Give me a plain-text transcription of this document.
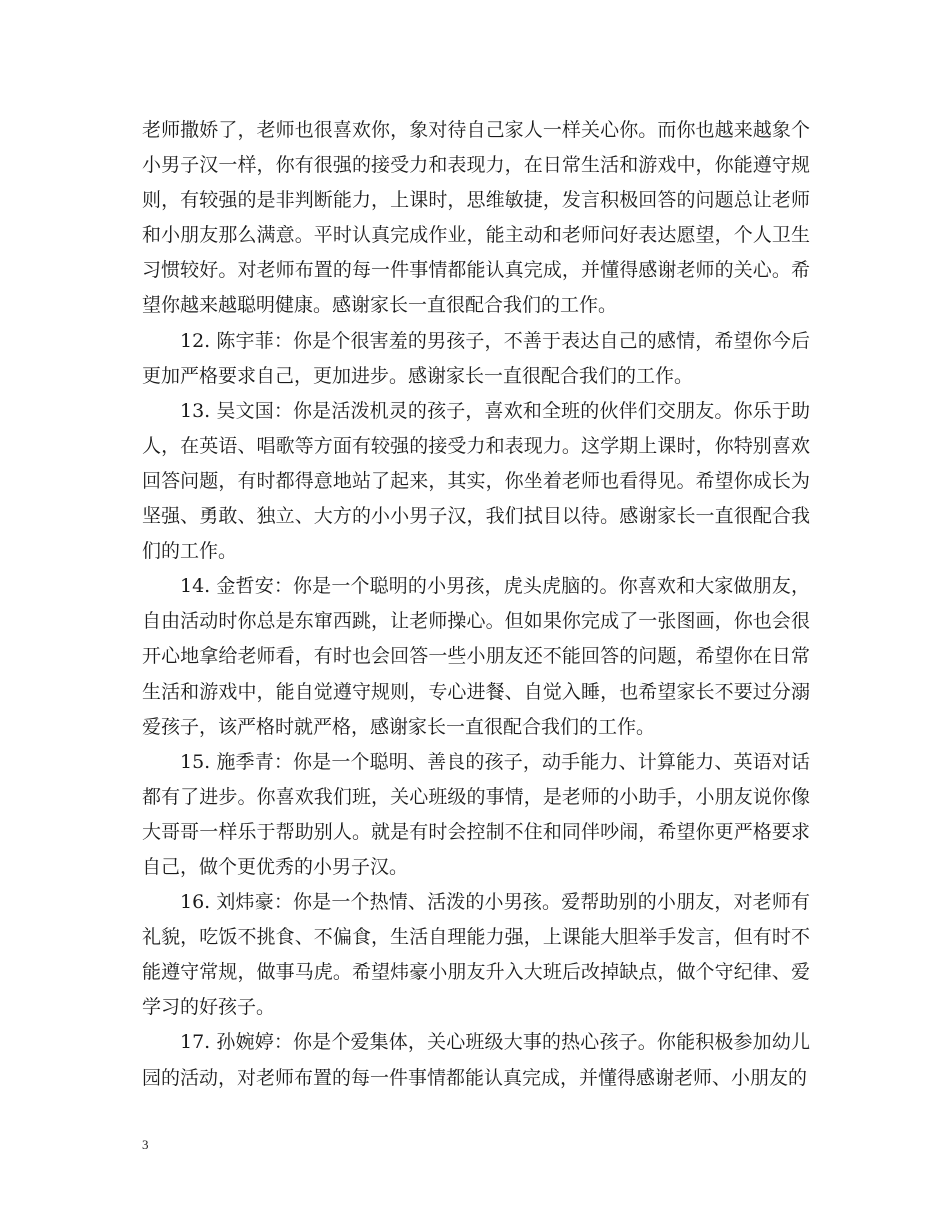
老师撒娇了，老师也很喜欢你，象对待自己家人一样关心你。而你也越来越象个小男子汉一样，你有很强的接受力和表现力，在日常生活和游戏中，你能遵守规则，有较强的是非判断能力，上课时，思维敏捷，发言积极回答的问题总让老师和小朋友那么满意。平时认真完成作业，能主动和老师问好表达愿望，个人卫生习惯较好。对老师布置的每一件事情都能认真完成，并懂得感谢老师的关心。希望你越来越聪明健康。感谢家长一直很配合我们的工作。

12. 陈宇菲：你是个很害羞的男孩子，不善于表达自己的感情，希望你今后更加严格要求自己，更加进步。感谢家长一直很配合我们的工作。

13. 吴文国：你是活泼机灵的孩子，喜欢和全班的伙伴们交朋友。你乐于助人，在英语、唱歌等方面有较强的接受力和表现力。这学期上课时，你特别喜欢回答问题，有时都得意地站了起来，其实，你坐着老师也看得见。希望你成长为坚强、勇敢、独立、大方的小小男子汉，我们拭目以待。感谢家长一直很配合我们的工作。

14. 金哲安：你是一个聪明的小男孩，虎头虎脑的。你喜欢和大家做朋友，自由活动时你总是东窜西跳，让老师操心。但如果你完成了一张图画，你也会很开心地拿给老师看，有时也会回答一些小朋友还不能回答的问题，希望你在日常生活和游戏中，能自觉遵守规则，专心进餐、自觉入睡，也希望家长不要过分溺爱孩子，该严格时就严格，感谢家长一直很配合我们的工作。

15. 施季青：你是一个聪明、善良的孩子，动手能力、计算能力、英语对话都有了进步。你喜欢我们班，关心班级的事情，是老师的小助手，小朋友说你像大哥哥一样乐于帮助别人。就是有时会控制不住和同伴吵闹，希望你更严格要求自己，做个更优秀的小男子汉。

16. 刘炜豪：你是一个热情、活泼的小男孩。爱帮助别的小朋友，对老师有礼貌，吃饭不挑食、不偏食，生活自理能力强，上课能大胆举手发言，但有时不能遵守常规，做事马虎。希望炜豪小朋友升入大班后改掉缺点，做个守纪律、爱学习的好孩子。

17. 孙婉婷：你是个爱集体，关心班级大事的热心孩子。你能积极参加幼儿园的活动，对老师布置的每一件事情都能认真完成，并懂得感谢老师、小朋友的

3
